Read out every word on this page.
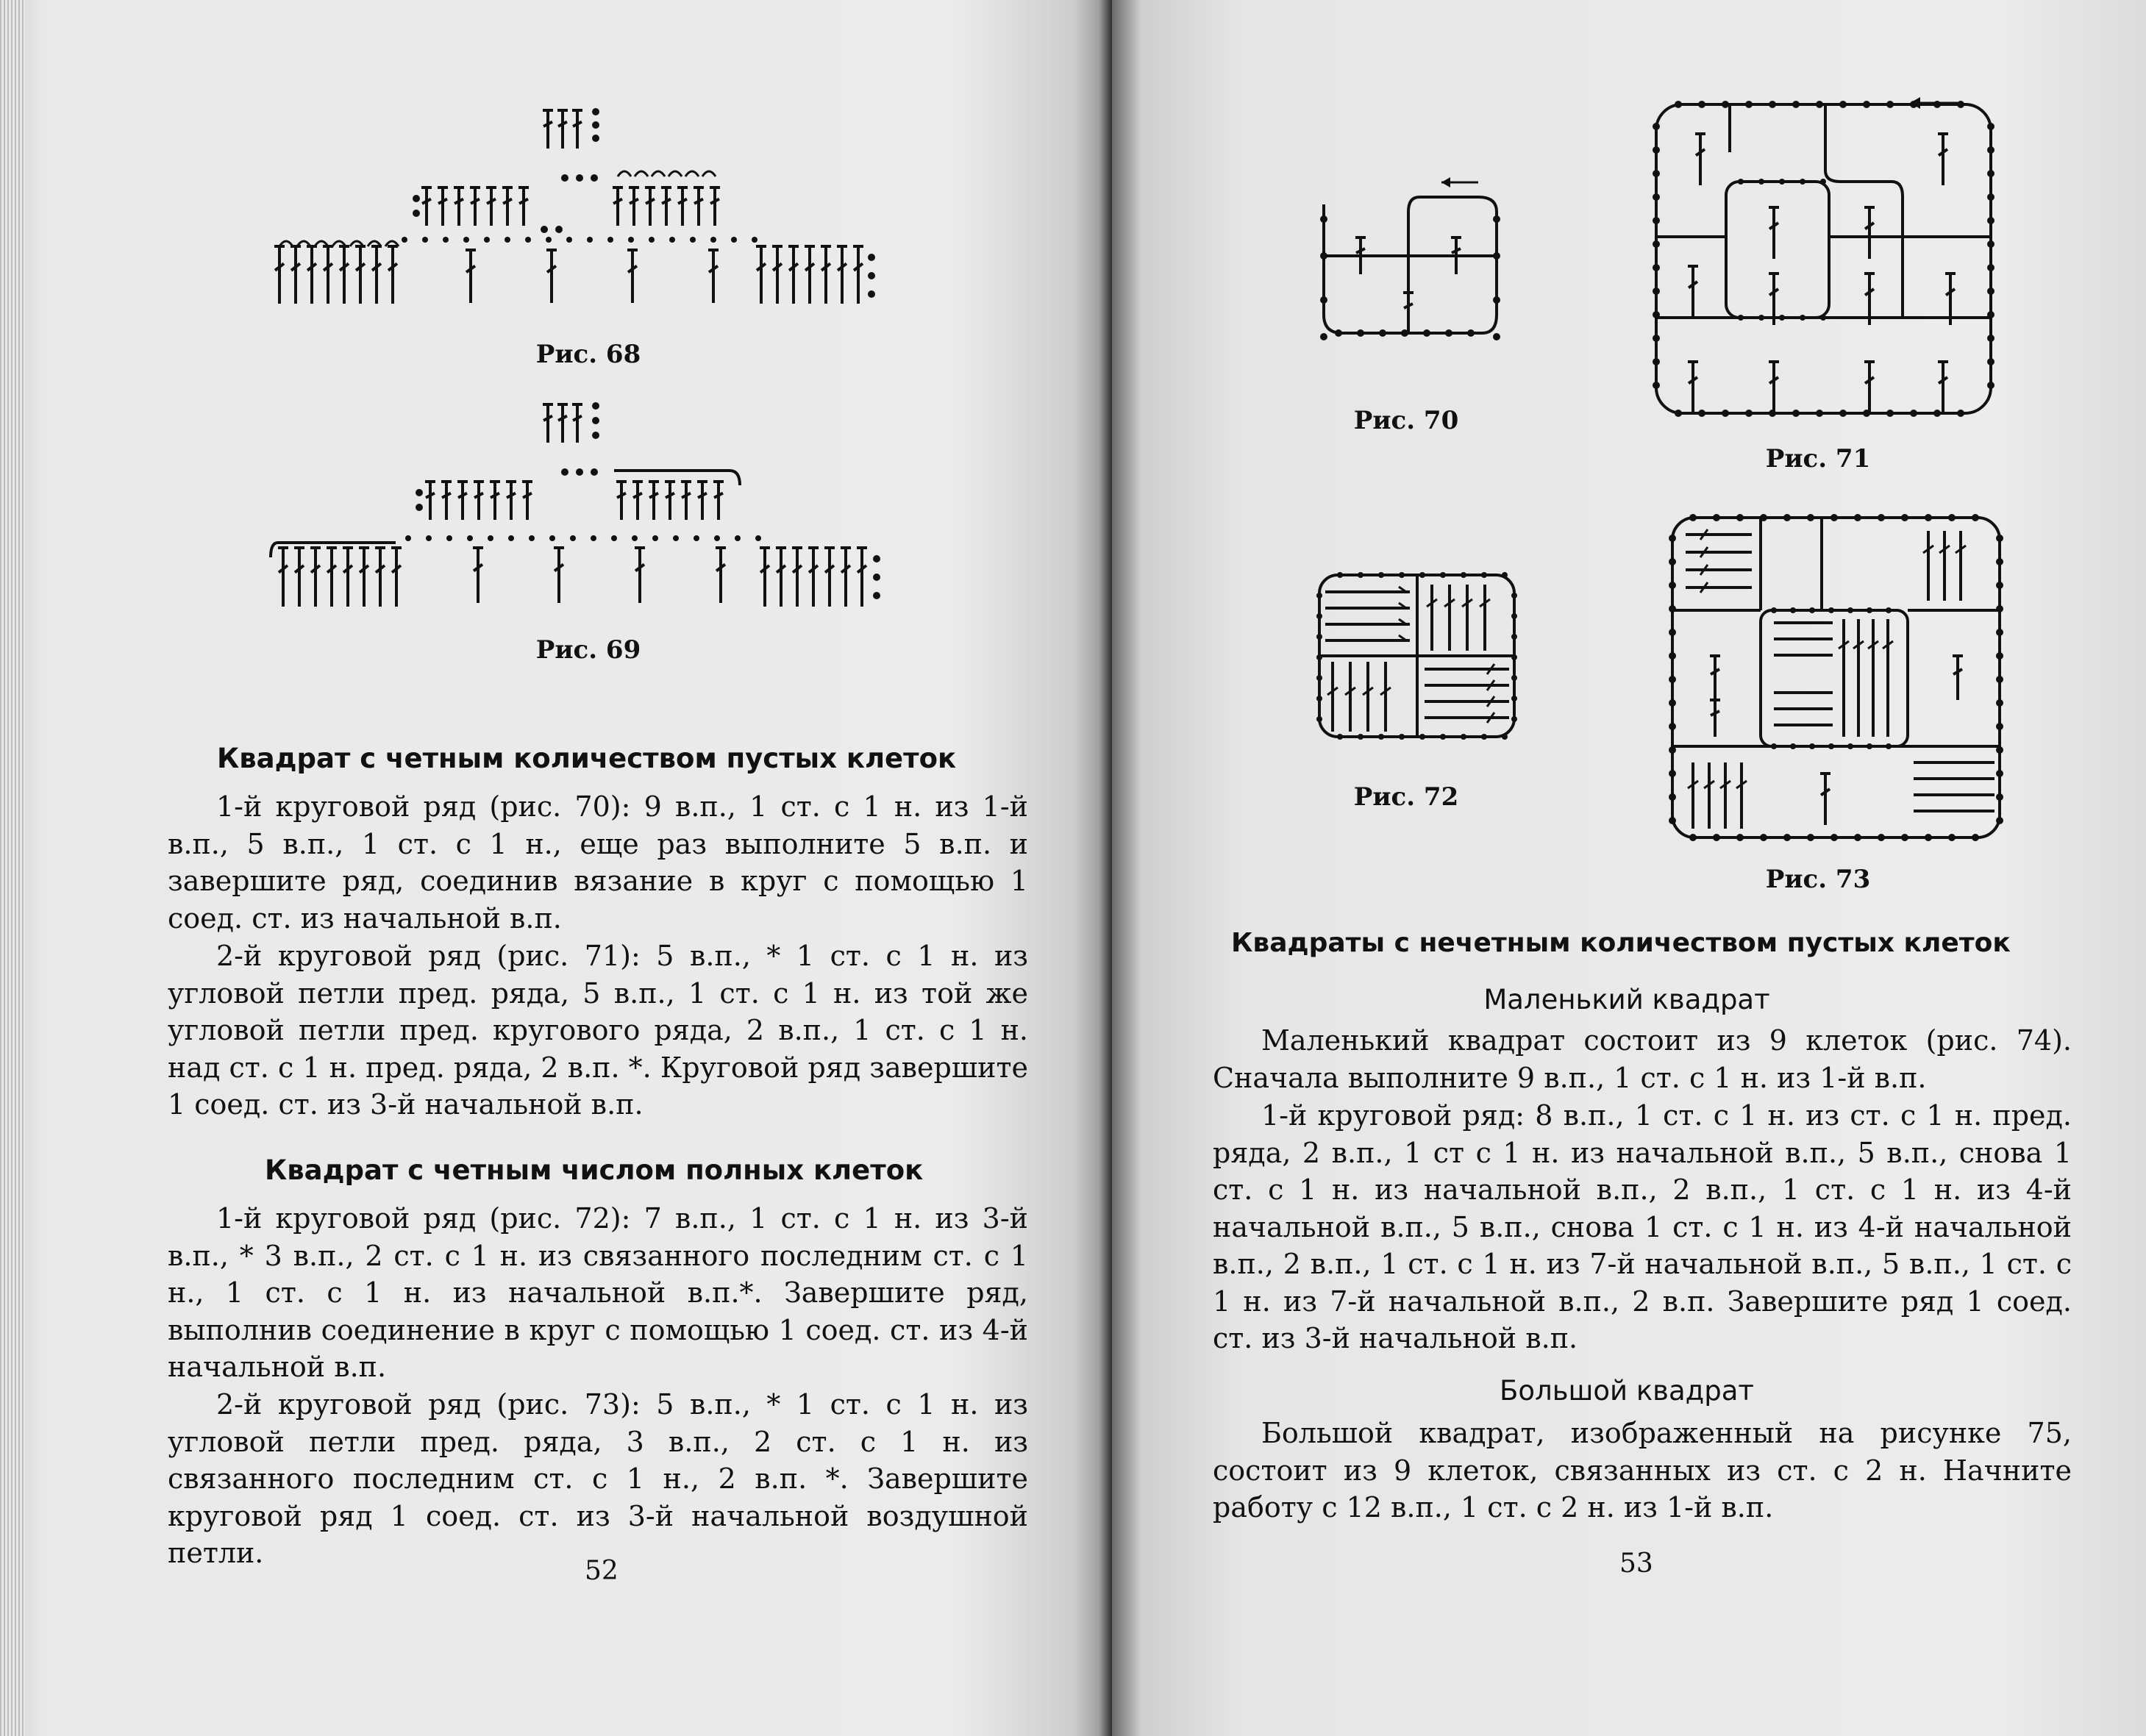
Рис. 68
Рис. 69
Квадрат с четным количеством пустых клеток
1-й круговой ряд (рис. 70): 9 в.п., 1 ст. с 1 н. из 1-й в.п., 5 в.п., 1 ст. с 1 н., еще раз выполните 5 в.п. и завершите ряд, соединив вязание в круг с помощью 1 соед. ст. из начальной в.п.
2-й круговой ряд (рис. 71): 5 в.п., * 1 ст. с 1 н. из угловой петли пред. ряда, 5 в.п., 1 ст. с 1 н. из той же угловой петли пред. кругового ряда, 2 в.п., 1 ст. с 1 н. над ст. с 1 н. пред. ряда, 2 в.п. *. Круговой ряд завершите 1 соед. ст. из 3-й начальной в.п.
Квадрат с четным числом полных клеток
1-й круговой ряд (рис. 72): 7 в.п., 1 ст. с 1 н. из 3-й в.п., * 3 в.п., 2 ст. с 1 н. из связанного последним ст. с 1 н., 1 ст. с 1 н. из начальной в.п.*. Завершите ряд, выполнив соединение в круг с помощью 1 соед. ст. из 4-й начальной в.п.
2-й круговой ряд (рис. 73): 5 в.п., * 1 ст. с 1 н. из угловой петли пред. ряда, 3 в.п., 2 ст. с 1 н. из связанного последним ст. с 1 н., 2 в.п. *. Завершите круговой ряд 1 соед. ст. из 3-й начальной воздушной петли.
52
Рис. 70
Рис. 71
Рис. 72
Рис. 73
Квадраты с нечетным количеством пустых клеток
Маленький квадрат
Маленький квадрат состоит из 9 клеток (рис. 74). Сначала выполните 9 в.п., 1 ст. с 1 н. из 1-й в.п.
1-й круговой ряд: 8 в.п., 1 ст. с 1 н. из ст. с 1 н. пред. ряда, 2 в.п., 1 ст с 1 н. из начальной в.п., 5 в.п., снова 1 ст. с 1 н. из начальной в.п., 2 в.п., 1 ст. с 1 н. из 4-й начальной в.п., 5 в.п., снова 1 ст. с 1 н. из 4-й начальной в.п., 2 в.п., 1 ст. с 1 н. из 7-й начальной в.п., 5 в.п., 1 ст. с 1 н. из 7-й начальной в.п., 2 в.п. Завершите ряд 1 соед. ст. из 3-й начальной в.п.
Большой квадрат
Большой квадрат, изображенный на рисунке 75, состоит из 9 клеток, связанных из ст. с 2 н. Начните работу с 12 в.п., 1 ст. с 2 н. из 1-й в.п.
53
